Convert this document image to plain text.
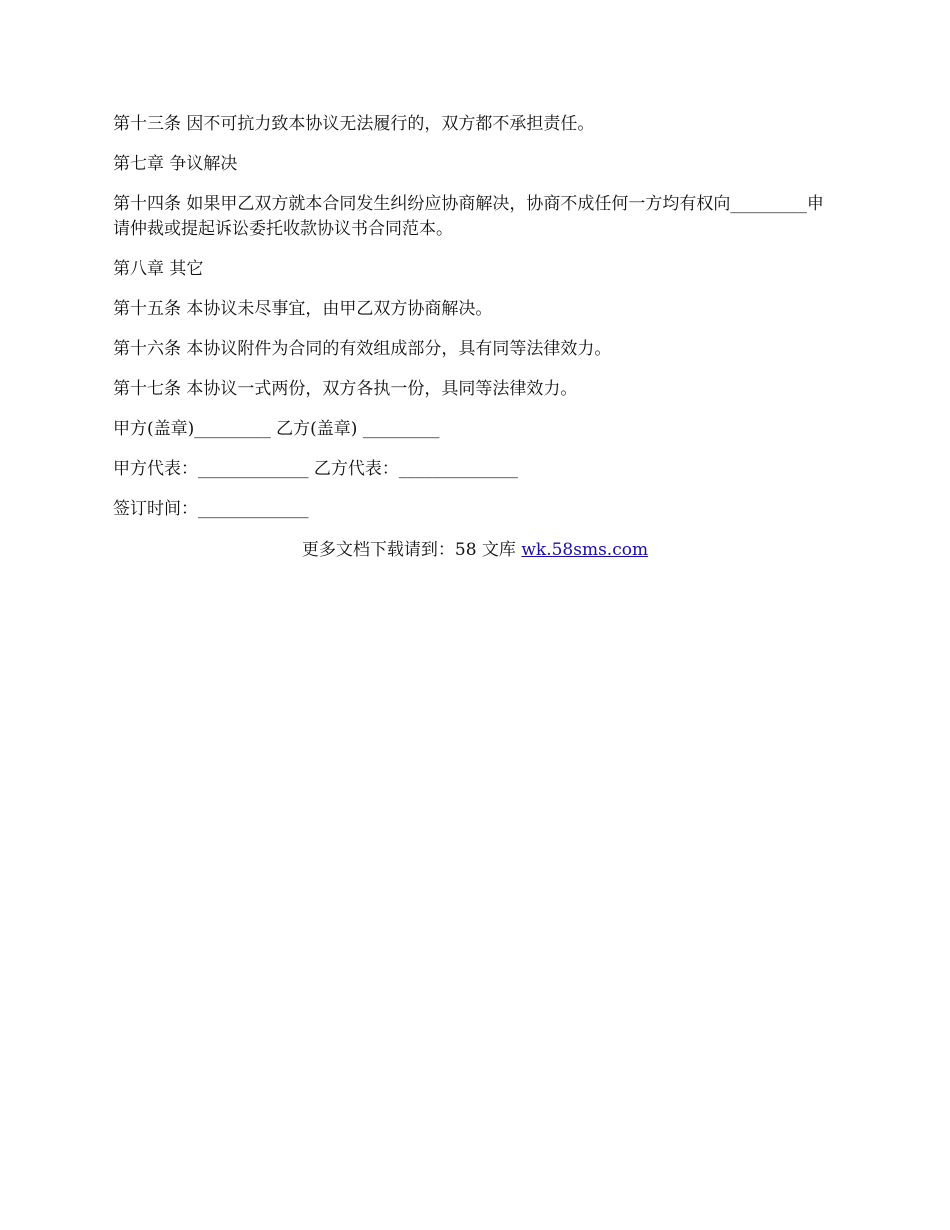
第十三条 因不可抗力致本协议无法履行的，双方都不承担责任。

第七章 争议解决

第十四条 如果甲乙双方就本合同发生纠纷应协商解决，协商不成任何一方均有权向_________申请仲裁或提起诉讼委托收款协议书合同范本。

第八章 其它

第十五条 本协议未尽事宜，由甲乙双方协商解决。

第十六条 本协议附件为合同的有效组成部分，具有同等法律效力。

第十七条 本协议一式两份，双方各执一份，具同等法律效力。

甲方(盖章)_________ 乙方(盖章) _________

甲方代表：_____________ 乙方代表：______________

签订时间：_____________

更多文档下载请到：58 文库 wk.58sms.com
